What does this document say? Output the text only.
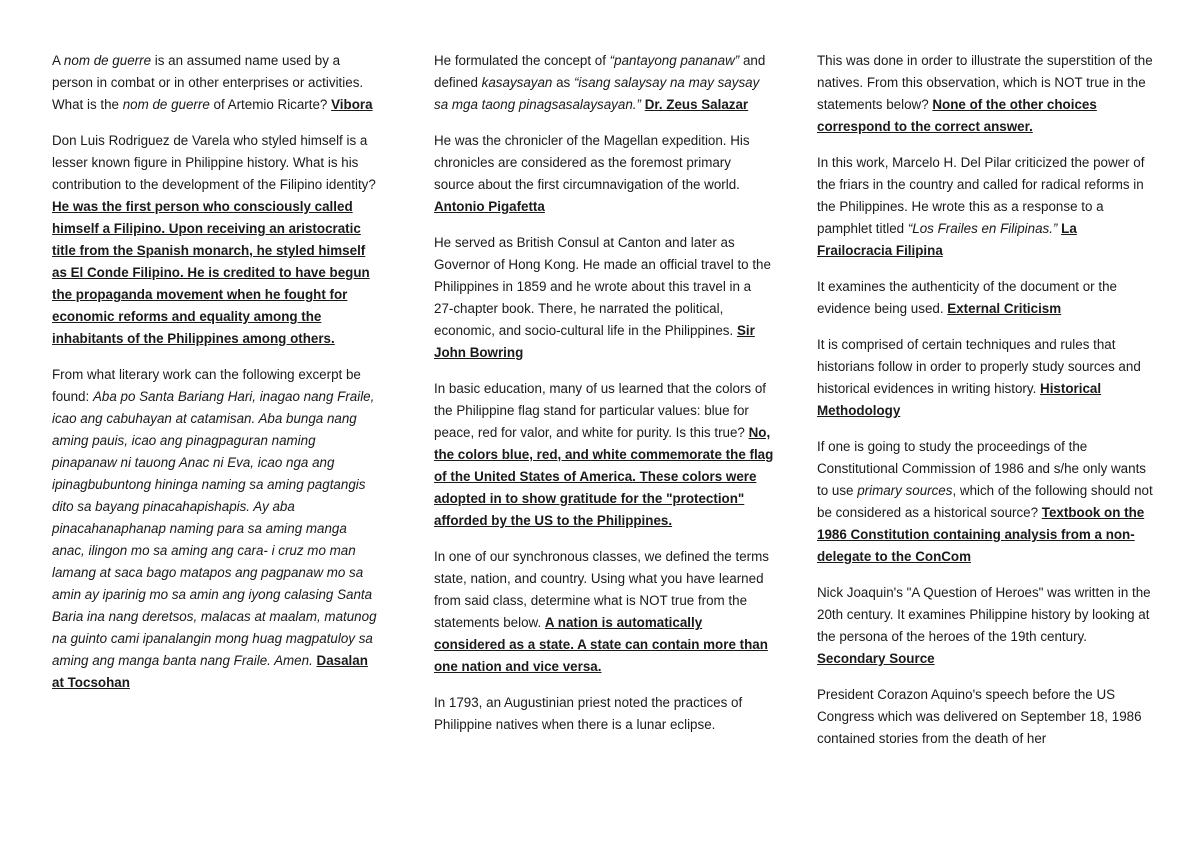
A nom de guerre is an assumed name used by a person in combat or in other enterprises or activities. What is the nom de guerre of Artemio Ricarte? Vibora

Don Luis Rodriguez de Varela who styled himself is a lesser known figure in Philippine history. What is his contribution to the development of the Filipino identity? He was the first person who consciously called himself a Filipino. Upon receiving an aristocratic title from the Spanish monarch, he styled himself as El Conde Filipino. He is credited to have begun the propaganda movement when he fought for economic reforms and equality among the inhabitants of the Philippines among others.

From what literary work can the following excerpt be found: Aba po Santa Bariang Hari, inagao nang Fraile, icao ang cabuhayan at catamisan. Aba bunga nang aming pauis, icao ang pinagpaguran naming pinapanaw ni tauong Anac ni Eva, icao nga ang ipinagbubuntong hininga naming sa aming pagtangis dito sa bayang pinacahapishapis. Ay aba pinacahanaphanap naming para sa aming manga anac, ilingon mo sa aming ang cara- i cruz mo man lamang at saca bago matapos ang pagpanaw mo sa amin ay iparinig mo sa amin ang iyong calasing Santa Baria ina nang deretsos, malacas at maalam, matunog na guinto cami ipanalangin mong huag magpatuloy sa aming ang manga banta nang Fraile. Amen. Dasalan at Tocsohan

He formulated the concept of “pantayong pananaw” and defined kasaysayan as “isang salaysay na may saysay sa mga taong pinagsasalaysayan.” Dr. Zeus Salazar

He was the chronicler of the Magellan expedition. His chronicles are considered as the foremost primary source about the first circumnavigation of the world. Antonio Pigafetta

He served as British Consul at Canton and later as Governor of Hong Kong. He made an official travel to the Philippines in 1859 and he wrote about this travel in a 27-chapter book. There, he narrated the political, economic, and socio-cultural life in the Philippines. Sir John Bowring

In basic education, many of us learned that the colors of the Philippine flag stand for particular values: blue for peace, red for valor, and white for purity. Is this true? No, the colors blue, red, and white commemorate the flag of the United States of America. These colors were adopted in to show gratitude for the "protection" afforded by the US to the Philippines.

In one of our synchronous classes, we defined the terms state, nation, and country. Using what you have learned from said class, determine what is NOT true from the statements below. A nation is automatically considered as a state. A state can contain more than one nation and vice versa.

In 1793, an Augustinian priest noted the practices of Philippine natives when there is a lunar eclipse.

This was done in order to illustrate the superstition of the natives. From this observation, which is NOT true in the statements below? None of the other choices correspond to the correct answer.

In this work, Marcelo H. Del Pilar criticized the power of the friars in the country and called for radical reforms in the Philippines. He wrote this as a response to a pamphlet titled “Los Frailes en Filipinas.” La Frailocracia Filipina

It examines the authenticity of the document or the evidence being used. External Criticism

It is comprised of certain techniques and rules that historians follow in order to properly study sources and historical evidences in writing history. Historical Methodology

If one is going to study the proceedings of the Constitutional Commission of 1986 and s/he only wants to use primary sources, which of the following should not be considered as a historical source? Textbook on the 1986 Constitution containing analysis from a non-delegate to the ConCom

Nick Joaquin's "A Question of Heroes" was written in the 20th century. It examines Philippine history by looking at the persona of the heroes of the 19th century. Secondary Source

President Corazon Aquino's speech before the US Congress which was delivered on September 18, 1986 contained stories from the death of her
